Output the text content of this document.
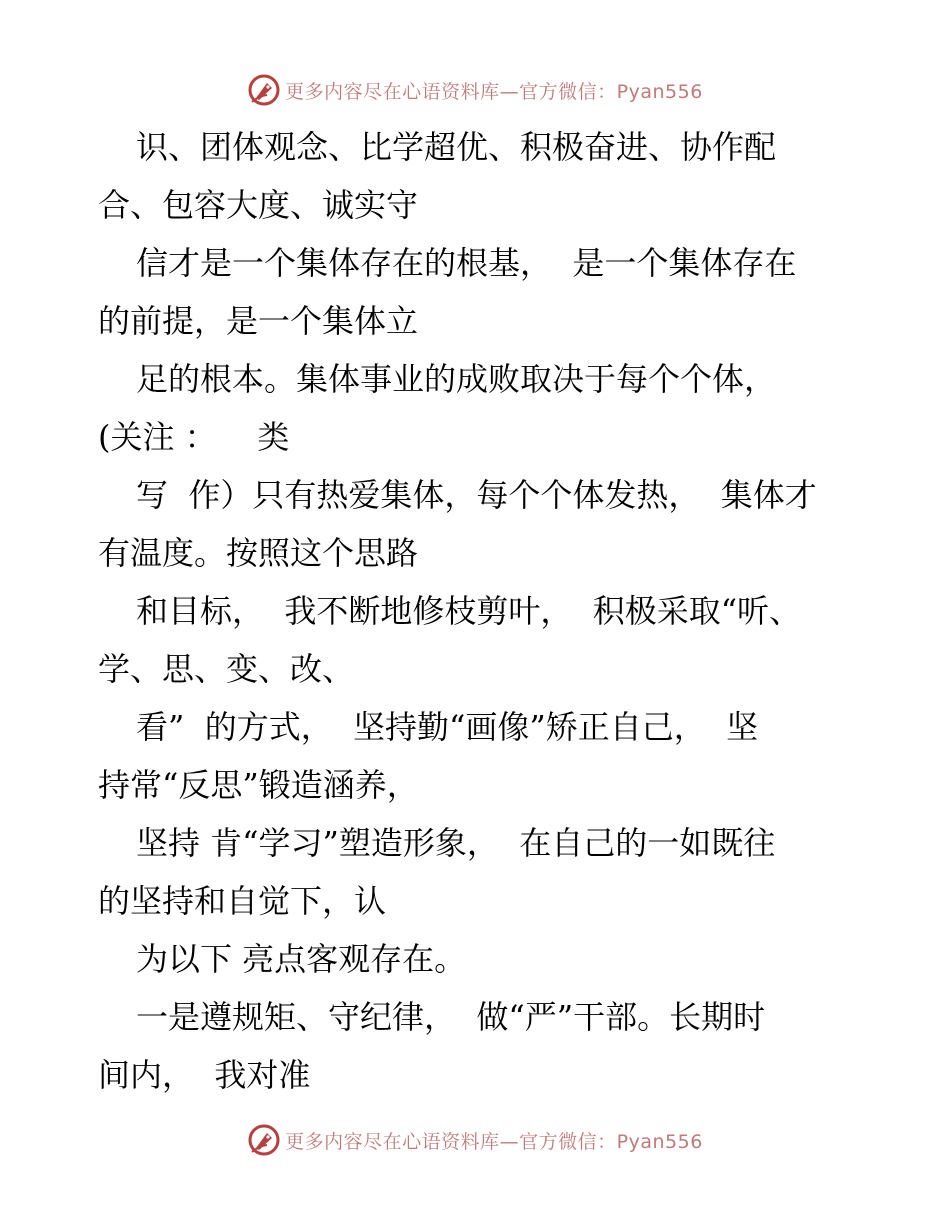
更多内容尽在心语资料库—官方微信：Pyan556
识、团体观念、比学超优、积极奋进、协作配
合、包容大度、诚实守
信才是一个集体存在的根基，  是一个集体存在
的前提，是一个集体立
足的根本。集体事业的成败取决于每个个体，
(关注 ：    类
写  作）只有热爱集体，每个个体发热，  集体才
有温度。按照这个思路
和目标，  我不断地修枝剪叶，  积极采取“听、
学、思、变、改、
看”  的方式，  坚持勤“画像”矫正自己，  坚
持常“反思”锻造涵养，
坚持 肯“学习”塑造形象，  在自己的一如既往
的坚持和自觉下，认
为以下 亮点客观存在。
一是遵规矩、守纪律，  做“严”干部。长期时
间内，  我对准
更多内容尽在心语资料库—官方微信：Pyan556
